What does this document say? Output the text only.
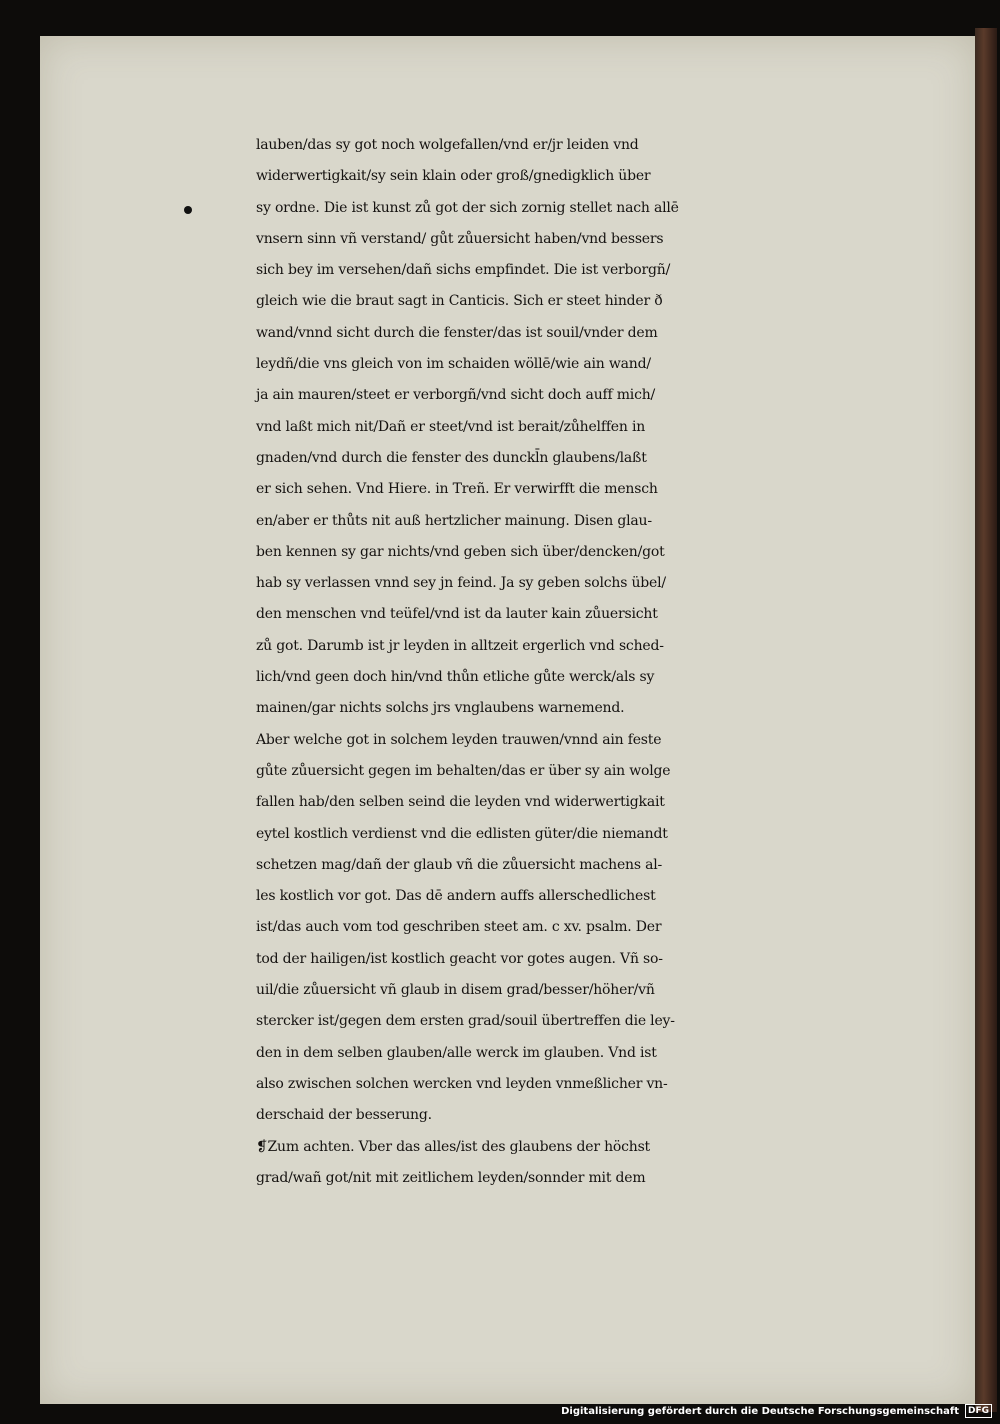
lauben/das sy got noch wolgefallen/vnd er/jr leiden vnd
widerwertigkait/sy sein klain oder groß/gnedigklich über
sy ordne. Die ist kunst zů got der sich zornig stellet nach allē
vnsern sinn vñ verstand/ gůt zůuersicht haben/vnd bessers
sich bey im versehen/dañ sichs empfindet. Die ist verborgñ/
gleich wie die braut sagt in Canticis. Sich er steet hinder ð
wand/vnnd sicht durch die fenster/das ist souil/vnder dem
leydñ/die vns gleich von im schaiden wöllē/wie ain wand/
ja ain mauren/steet er verborgñ/vnd sicht doch auff mich/
vnd laßt mich nit/Dañ er steet/vnd ist berait/zůhelffen in
gnaden/vnd durch die fenster des dunckl̄n glaubens/laßt
er sich sehen. Vnd Hiere. in Treñ. Er verwirfft die mensch
en/aber er thůts nit auß hertzlicher mainung. Disen glau-
ben kennen sy gar nichts/vnd geben sich über/dencken/got
hab sy verlassen vnnd sey jn feind. Ja sy geben solchs übel/
den menschen vnd teüfel/vnd ist da lauter kain zůuersicht
zů got. Darumb ist jr leyden in alltzeit ergerlich vnd sched-
lich/vnd geen doch hin/vnd thůn etliche gůte werck/als sy
mainen/gar nichts solchs jrs vnglaubens warnemend.
Aber welche got in solchem leyden trauwen/vnnd ain feste
gůte zůuersicht gegen im behalten/das er über sy ain wolge
fallen hab/den selben seind die leyden vnd widerwertigkait
eytel kostlich verdienst vnd die edlisten güter/die niemandt
schetzen mag/dañ der glaub vñ die zůuersicht machens al-
les kostlich vor got. Das dē andern auffs allerschedlichest
ist/das auch vom tod geschriben steet am. c xv. psalm. Der
tod der hailigen/ist kostlich geacht vor gotes augen. Vñ so-
uil/die zůuersicht vñ glaub in disem grad/besser/höher/vñ
stercker ist/gegen dem ersten grad/souil übertreffen die ley-
den in dem selben glauben/alle werck im glauben. Vnd ist
also zwischen solchen wercken vnd leyden vnmeßlicher vn-
derschaid der besserung.
❡Zum achten. Vber das alles/ist des glaubens der höchst
grad/wañ got/nit mit zeitlichem leyden/sonnder mit dem
Digitalisierung gefördert durch die Deutsche Forschungsgemeinschaft	DFG
